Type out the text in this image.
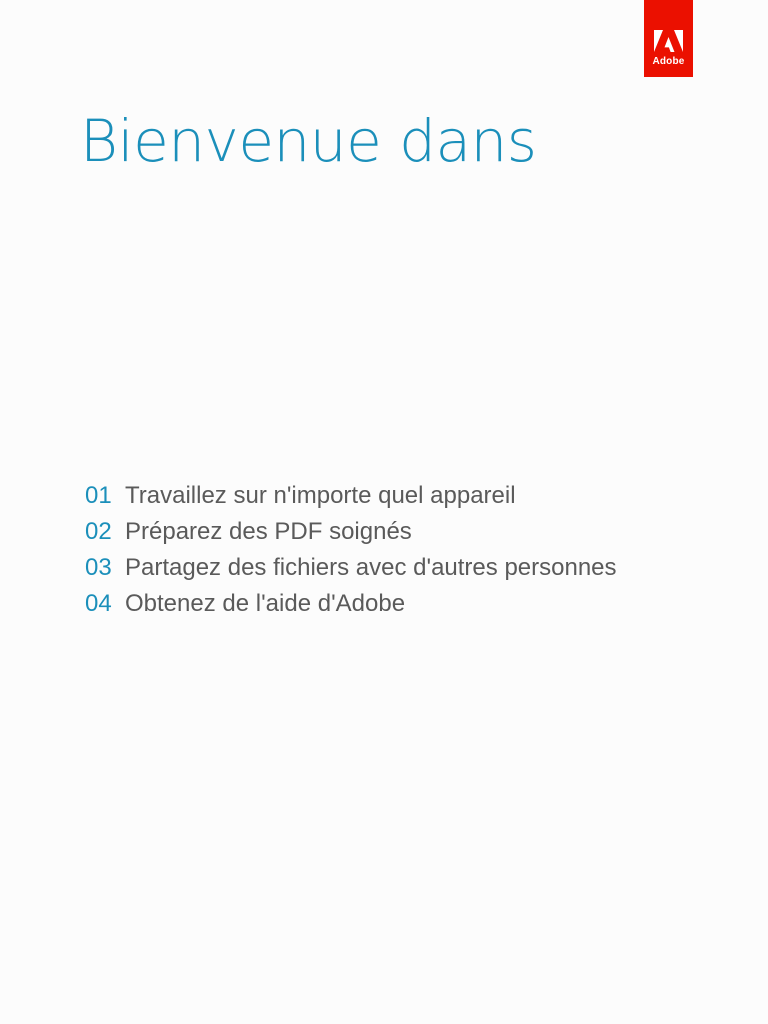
Adobe
Bienvenue dans
01 Travaillez sur n'importe quel appareil
02 Préparez des PDF soignés
03 Partagez des fichiers avec d'autres personnes
04 Obtenez de l'aide d'Adobe
